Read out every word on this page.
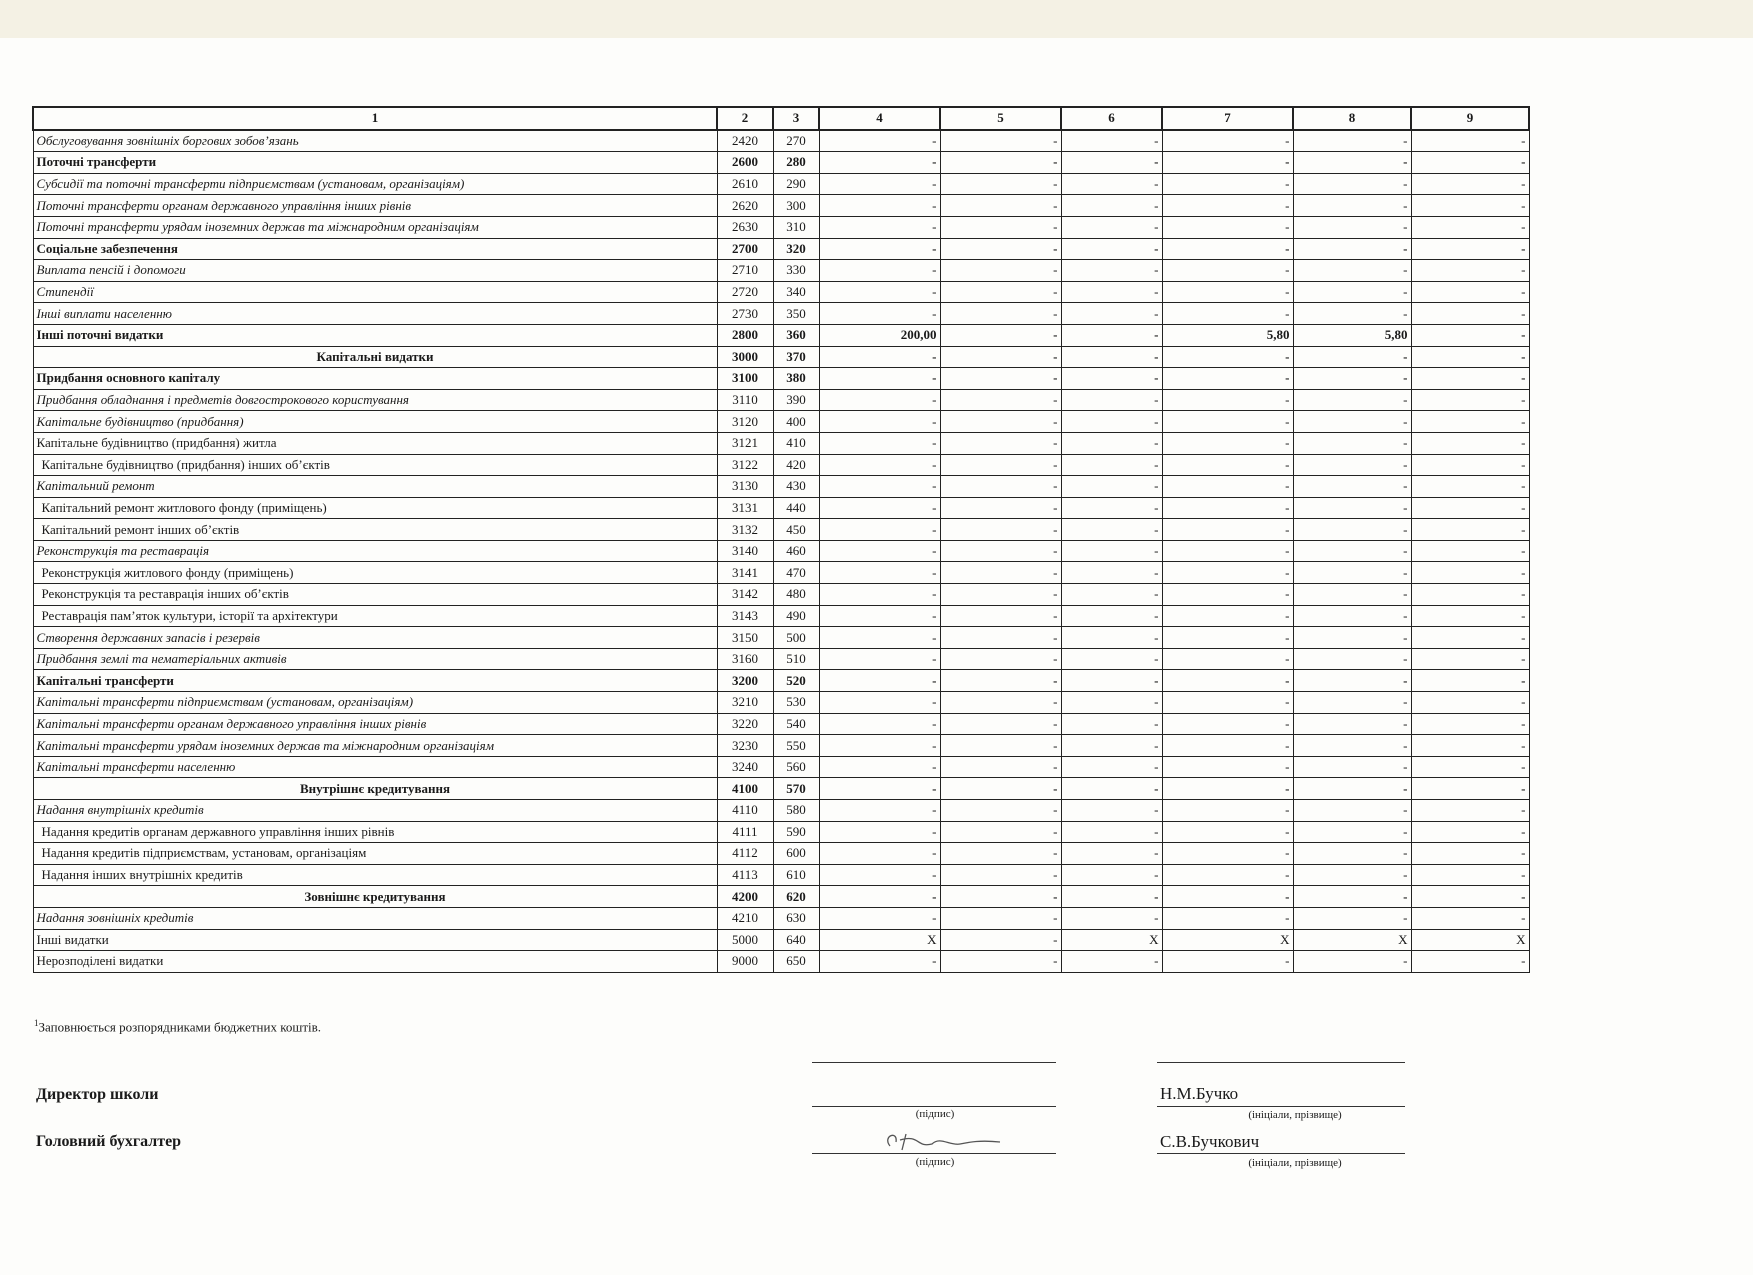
1	2	3	4	5	6	7	8	9
Обслуговування зовнішніх боргових зобов’язань	2420	270	-	-	-	-	-	-
Поточні трансферти	2600	280	-	-	-	-	-	-
Субсидії та поточні трансферти підприємствам (установам, організаціям)	2610	290	-	-	-	-	-	-
Поточні трансферти органам державного управління інших рівнів	2620	300	-	-	-	-	-	-
Поточні трансферти урядам іноземних держав та міжнародним організаціям	2630	310	-	-	-	-	-	-
Соціальне забезпечення	2700	320	-	-	-	-	-	-
Виплата пенсій і допомоги	2710	330	-	-	-	-	-	-
Стипендії	2720	340	-	-	-	-	-	-
Інші виплати населенню	2730	350	-	-	-	-	-	-
Інші поточні видатки	2800	360	200,00	-	-	5,80	5,80	-
Капітальні видатки	3000	370	-	-	-	-	-	-
Придбання основного капіталу	3100	380	-	-	-	-	-	-
Придбання обладнання і предметів довгострокового користування	3110	390	-	-	-	-	-	-
Капітальне будівництво (придбання)	3120	400	-	-	-	-	-	-
Капітальне будівництво (придбання) житла	3121	410	-	-	-	-	-	-
Капітальне будівництво (придбання) інших об’єктів	3122	420	-	-	-	-	-	-
Капітальний ремонт	3130	430	-	-	-	-	-	-
Капітальний ремонт житлового фонду (приміщень)	3131	440	-	-	-	-	-	-
Капітальний ремонт інших об’єктів	3132	450	-	-	-	-	-	-
Реконструкція та реставрація	3140	460	-	-	-	-	-	-
Реконструкція житлового фонду (приміщень)	3141	470	-	-	-	-	-	-
Реконструкція та реставрація інших об’єктів	3142	480	-	-	-	-	-	-
Реставрація пам’яток культури, історії та архітектури	3143	490	-	-	-	-	-	-
Створення державних запасів і резервів	3150	500	-	-	-	-	-	-
Придбання землі та нематеріальних активів	3160	510	-	-	-	-	-	-
Капітальні трансферти	3200	520	-	-	-	-	-	-
Капітальні трансферти підприємствам (установам, організаціям)	3210	530	-	-	-	-	-	-
Капітальні трансферти органам державного управління інших рівнів	3220	540	-	-	-	-	-	-
Капітальні трансферти урядам іноземних держав та міжнародним організаціям	3230	550	-	-	-	-	-	-
Капітальні трансферти населенню	3240	560	-	-	-	-	-	-
Внутрішнє кредитування	4100	570	-	-	-	-	-	-
Надання внутрішніх кредитів	4110	580	-	-	-	-	-	-
Надання кредитів органам державного управління інших рівнів	4111	590	-	-	-	-	-	-
Надання кредитів підприємствам, установам, організаціям	4112	600	-	-	-	-	-	-
Надання інших внутрішніх кредитів	4113	610	-	-	-	-	-	-
Зовнішнє кредитування	4200	620	-	-	-	-	-	-
Надання зовнішніх кредитів	4210	630	-	-	-	-	-	-
Інші видатки	5000	640	X	-	X	X	X	X
Нерозподілені видатки	9000	650	-	-	-	-	-	-
$^1$Заповнюється розпорядниками бюджетних коштів.
Директор школи	Н.М.Бучко
(підпис)	(ініціали, прізвище)
Головний бухгалтер	С.В.Бучкович
(підпис)	(ініціали, прізвище)
